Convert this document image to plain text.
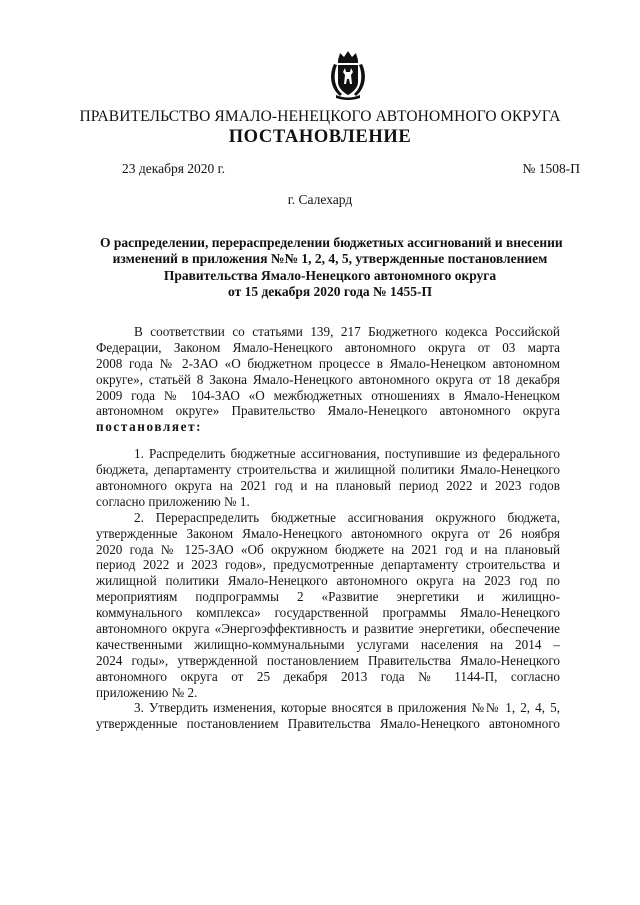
ПРАВИТЕЛЬСТВО ЯМАЛО-НЕНЕЦКОГО АВТОНОМНОГО ОКРУГА
ПОСТАНОВЛЕНИЕ
23 декабря 2020 г.	№ 1508-П
г. Салехард
О распределении, перераспределении бюджетных ассигнований и внесении
изменений в приложения №№ 1, 2, 4, 5, утвержденные постановлением
Правительства Ямало-Ненецкого автономного округа
от 15 декабря 2020 года № 1455-П
В соответствии со статьями 139, 217 Бюджетного кодекса Российской
Федерации, Законом Ямало-Ненецкого автономного округа от 03 марта
2008 года № 2-ЗАО «О бюджетном процессе в Ямало-Ненецком автономном
округе», статьёй 8 Закона Ямало-Ненецкого автономного округа от 18 декабря
2009 года № 104-ЗАО «О межбюджетных отношениях в Ямало-Ненецком
автономном округе» Правительство Ямало-Ненецкого автономного округа
постановляет:
1. Распределить бюджетные ассигнования, поступившие из федерального
бюджета, департаменту строительства и жилищной политики Ямало-Ненецкого
автономного округа на 2021 год и на плановый период 2022 и 2023 годов
согласно приложению № 1.
2. Перераспределить бюджетные ассигнования окружного бюджета,
утвержденные Законом Ямало-Ненецкого автономного округа от 26 ноября
2020 года № 125-ЗАО «Об окружном бюджете на 2021 год и на плановый
период 2022 и 2023 годов», предусмотренные департаменту строительства и
жилищной политики Ямало-Ненецкого автономного округа на 2023 год по
мероприятиям подпрограммы 2 «Развитие энергетики и жилищно-
коммунального комплекса» государственной программы Ямало-Ненецкого
автономного округа «Энергоэффективность и развитие энергетики, обеспечение
качественными жилищно-коммунальными услугами населения на 2014 –
2024 годы», утвержденной постановлением Правительства Ямало-Ненецкого
автономного округа от 25 декабря 2013 года № 1144-П, согласно
приложению № 2.
3. Утвердить изменения, которые вносятся в приложения №№ 1, 2, 4, 5,
утвержденные постановлением Правительства Ямало-Ненецкого автономного
